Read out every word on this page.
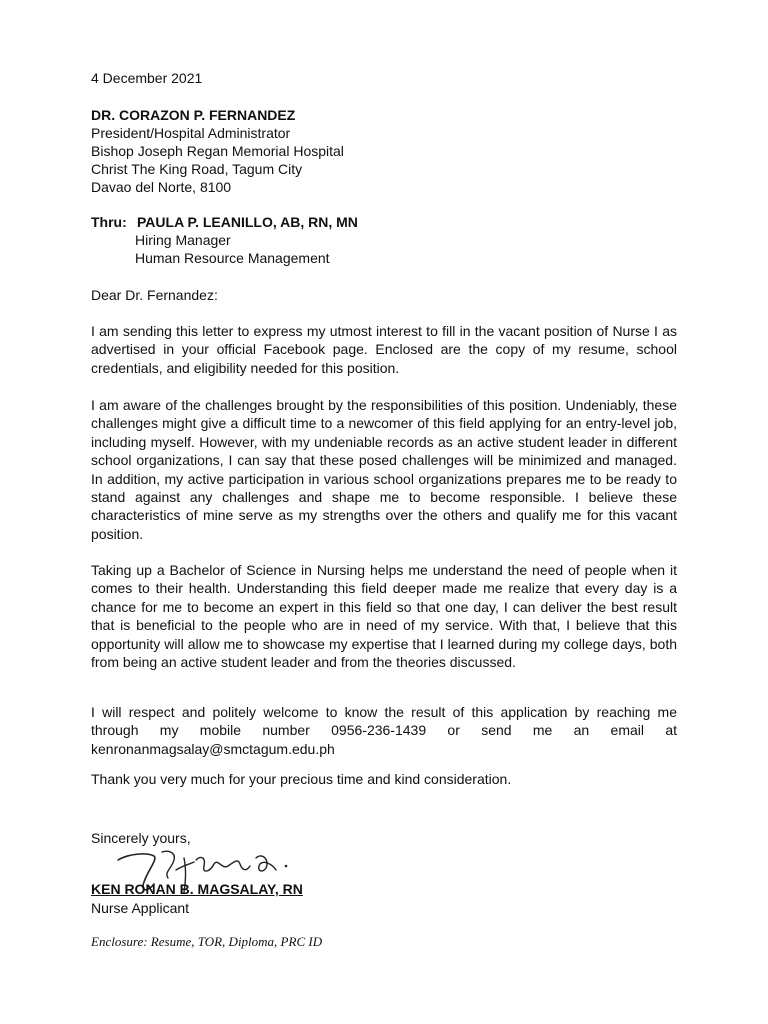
4 December 2021
DR. CORAZON P. FERNANDEZ
President/Hospital Administrator
Bishop Joseph Regan Memorial Hospital
Christ The King Road, Tagum City
Davao del Norte, 8100
Thru: PAULA P. LEANILLO, AB, RN, MN
Hiring Manager
Human Resource Management
Dear Dr. Fernandez:
I am sending this letter to express my utmost interest to fill in the vacant position of Nurse I as advertised in your official Facebook page. Enclosed are the copy of my resume, school credentials, and eligibility needed for this position.
I am aware of the challenges brought by the responsibilities of this position. Undeniably, these challenges might give a difficult time to a newcomer of this field applying for an entry-level job, including myself. However, with my undeniable records as an active student leader in different school organizations, I can say that these posed challenges will be minimized and managed. In addition, my active participation in various school organizations prepares me to be ready to stand against any challenges and shape me to become responsible. I believe these characteristics of mine serve as my strengths over the others and qualify me for this vacant position.
Taking up a Bachelor of Science in Nursing helps me understand the need of people when it comes to their health. Understanding this field deeper made me realize that every day is a chance for me to become an expert in this field so that one day, I can deliver the best result that is beneficial to the people who are in need of my service. With that, I believe that this opportunity will allow me to showcase my expertise that I learned during my college days, both from being an active student leader and from the theories discussed.
I will respect and politely welcome to know the result of this application by reaching me through my mobile number 0956-236-1439 or send me an email at kenronanmagsalay@smctagum.edu.ph
Thank you very much for your precious time and kind consideration.
Sincerely yours,
KEN RONAN B. MAGSALAY, RN
Nurse Applicant
Enclosure: Resume, TOR, Diploma, PRC ID
